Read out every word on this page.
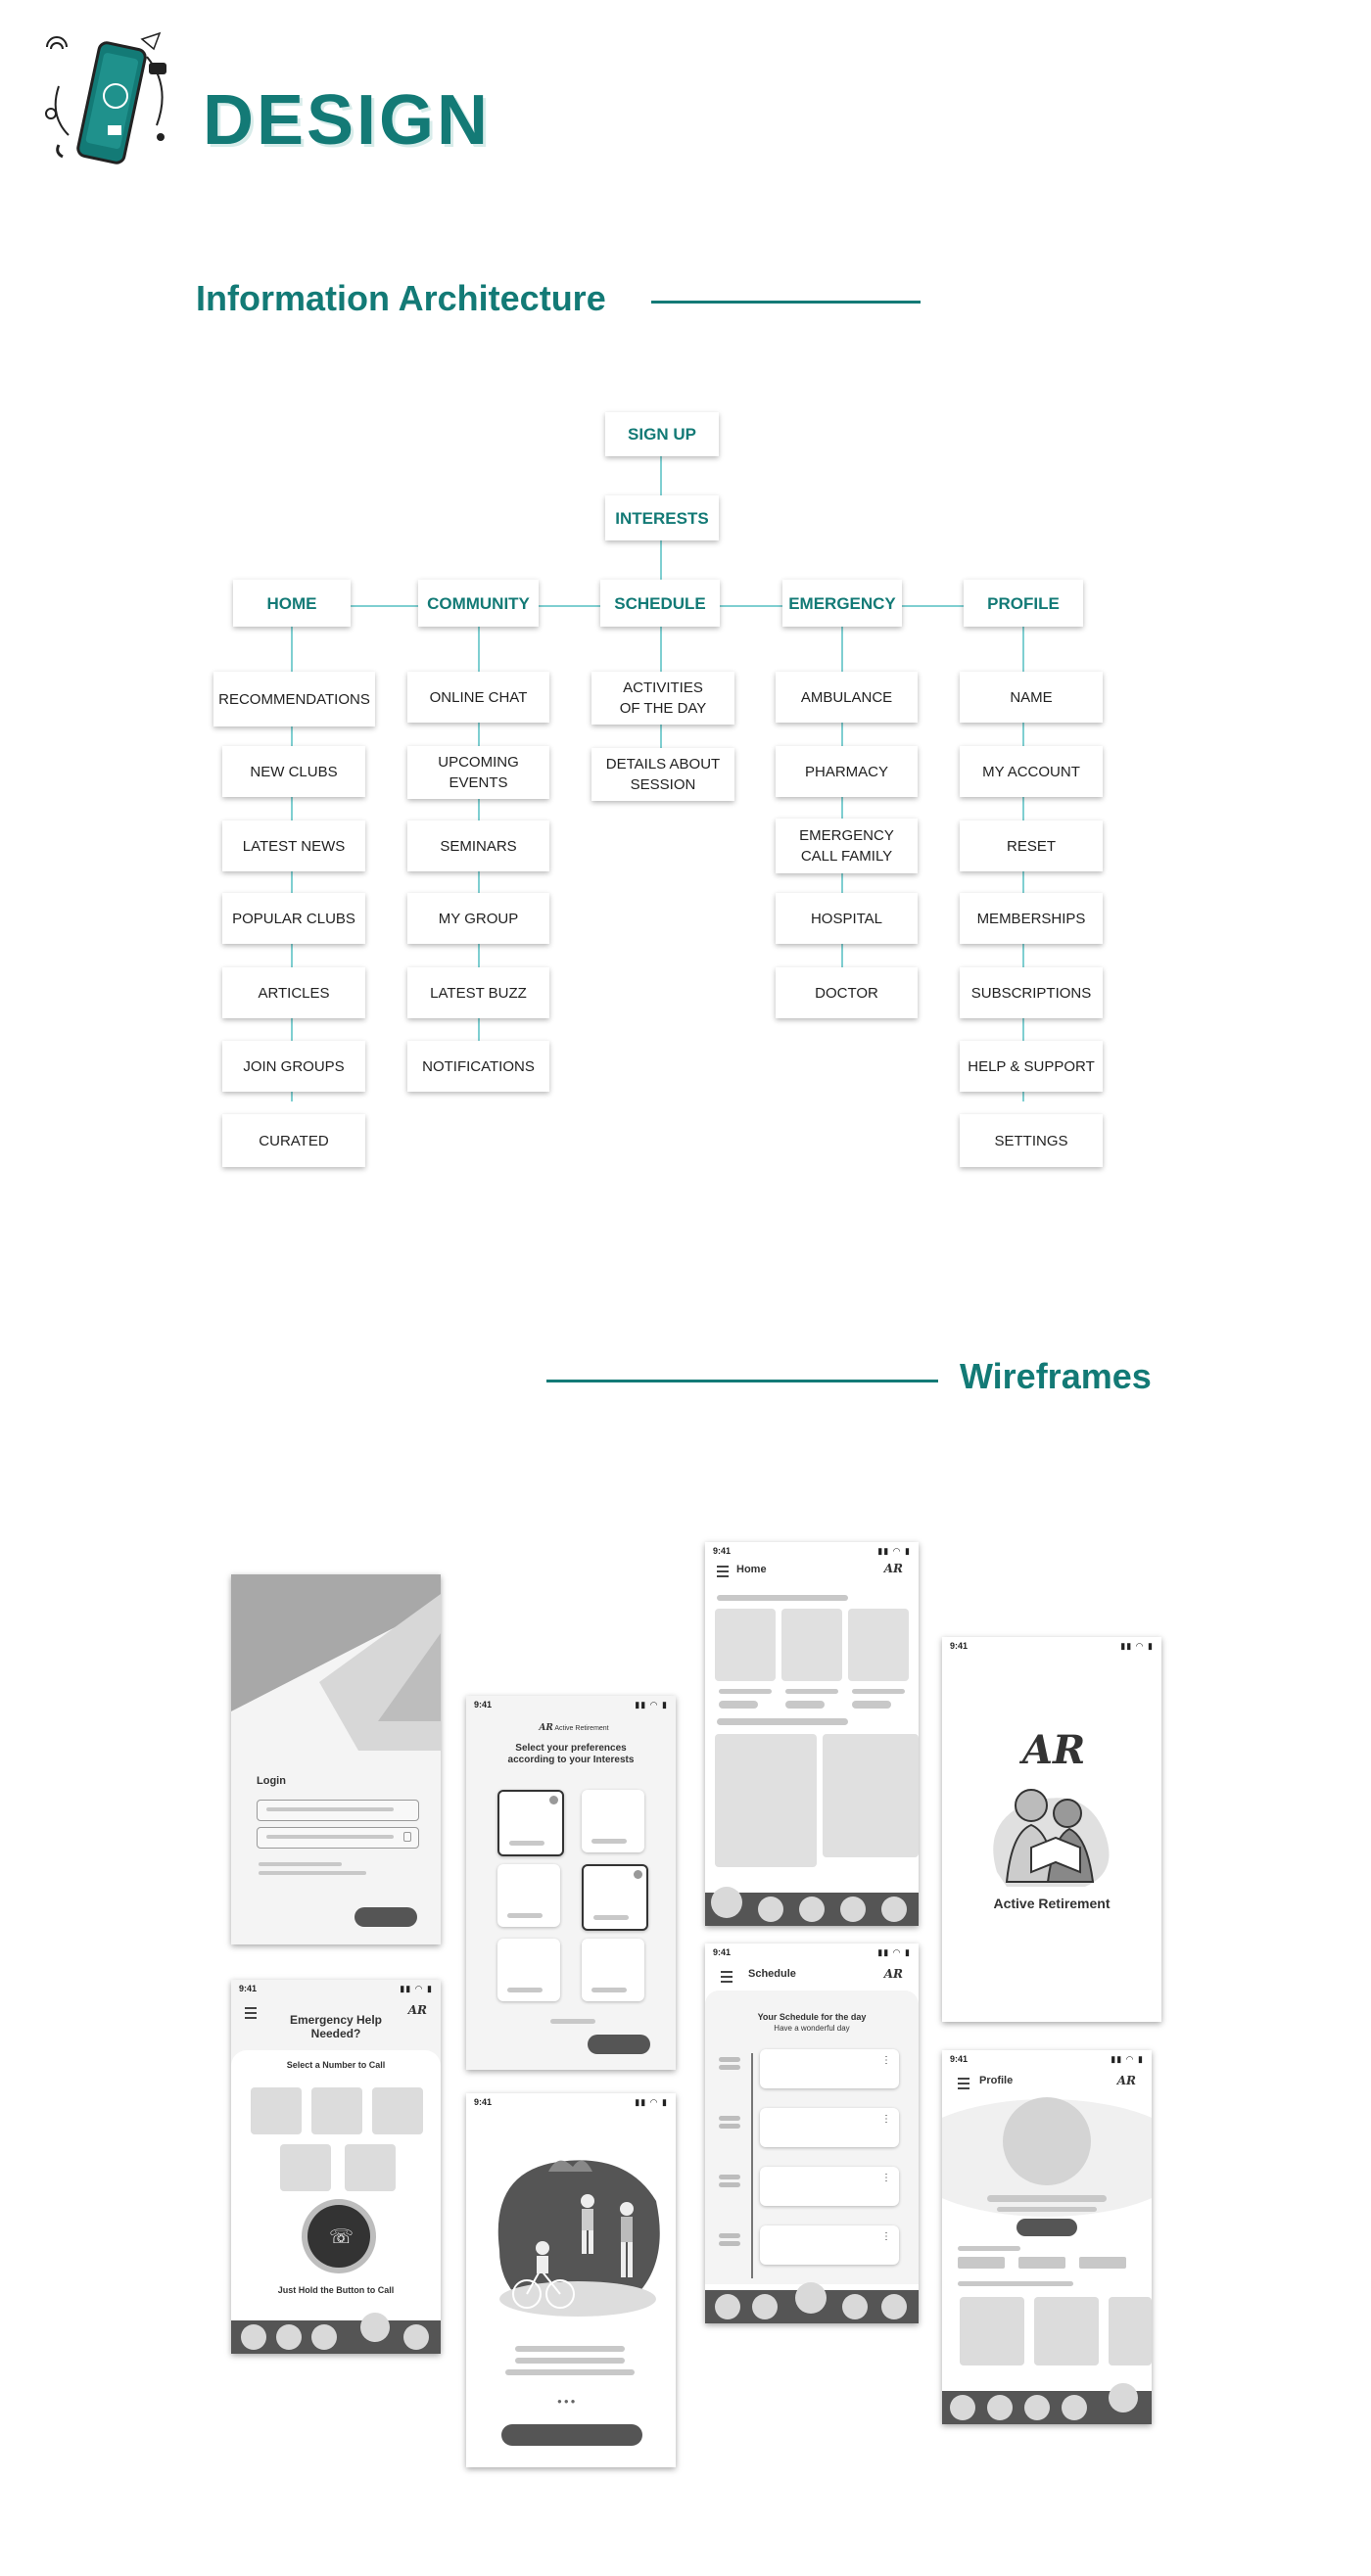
DESIGN
Information Architecture
SIGN UP
INTERESTS
HOME	COMMUNITY	SCHEDULE	EMERGENCY	PROFILE
RECOMMENDATIONS
NEW CLUBS
LATEST NEWS
POPULAR CLUBS
ARTICLES
JOIN GROUPS
CURATED
ONLINE CHAT
UPCOMING EVENTS
SEMINARS
MY GROUP
LATEST BUZZ
NOTIFICATIONS
ACTIVITIES OF THE DAY
DETAILS ABOUT SESSION
AMBULANCE
PHARMACY
EMERGENCY CALL FAMILY
HOSPITAL
DOCTOR
NAME
MY ACCOUNT
RESET
MEMBERSHIPS
SUBSCRIPTIONS
HELP & SUPPORT
SETTINGS
Wireframes
Login
9:41	▮▮ ◠ ▮
AR
Emergency Help Needed?
Select a Number to Call
☏
Just Hold the Button to Call
9:41	▮▮ ◠ ▮
AR Active Retirement
Select your preferences according to your Interests
9:41	▮▮ ◠ ▮
●●●
9:41	▮▮ ◠ ▮
Home	AR
9:41	▮▮ ◠ ▮
Schedule	AR
Your Schedule for the day
Have a wonderful day
⋮
⋮
⋮
⋮
9:41	▮▮ ◠ ▮
AR
Active Retirement
9:41	▮▮ ◠ ▮
Profile	AR
